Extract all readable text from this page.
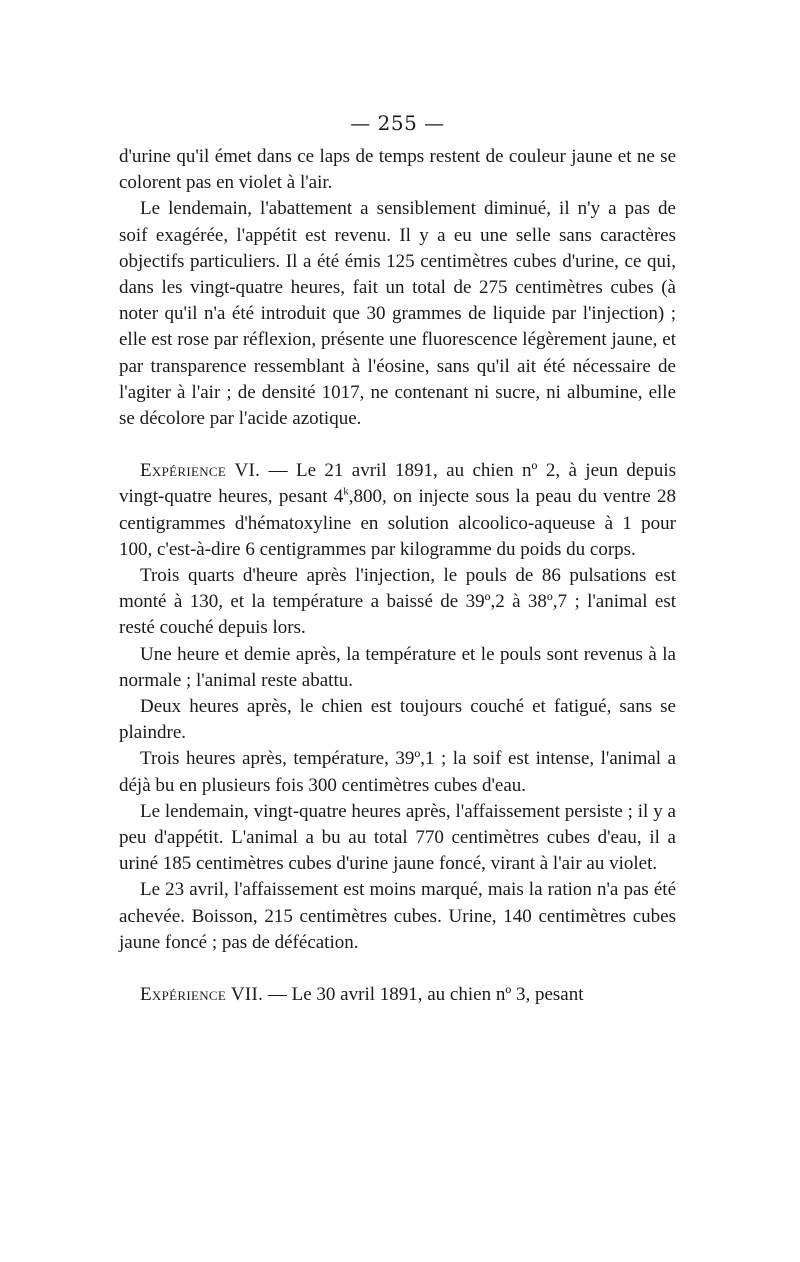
— 255 —

d'urine qu'il émet dans ce laps de temps restent de couleur jaune et ne se colorent pas en violet à l'air.

Le lendemain, l'abattement a sensiblement diminué, il n'y a pas de soif exagérée, l'appétit est revenu. Il y a eu une selle sans caractères objectifs particuliers. Il a été émis 125 centimètres cubes d'urine, ce qui, dans les vingt-quatre heures, fait un total de 275 centimètres cubes (à noter qu'il n'a été introduit que 30 grammes de liquide par l'injection) ; elle est rose par réflexion, présente une fluorescence légèrement jaune, et par transparence ressemblant à l'éosine, sans qu'il ait été nécessaire de l'agiter à l'air ; de densité 1017, ne contenant ni sucre, ni albumine, elle se décolore par l'acide azotique.

Expérience VI. — Le 21 avril 1891, au chien nº 2, à jeun depuis vingt-quatre heures, pesant 4$^k$,800, on injecte sous la peau du ventre 28 centigrammes d'hématoxyline en solution alcoolico-aqueuse à 1 pour 100, c'est-à-dire 6 centigrammes par kilogramme du poids du corps.

Trois quarts d'heure après l'injection, le pouls de 86 pulsations est monté à 130, et la température a baissé de 39º,2 à 38º,7 ; l'animal est resté couché depuis lors.

Une heure et demie après, la température et le pouls sont revenus à la normale ; l'animal reste abattu.

Deux heures après, le chien est toujours couché et fatigué, sans se plaindre.

Trois heures après, température, 39º,1 ; la soif est intense, l'animal a déjà bu en plusieurs fois 300 centimètres cubes d'eau.

Le lendemain, vingt-quatre heures après, l'affaissement persiste ; il y a peu d'appétit. L'animal a bu au total 770 centimètres cubes d'eau, il a uriné 185 centimètres cubes d'urine jaune foncé, virant à l'air au violet.

Le 23 avril, l'affaissement est moins marqué, mais la ration n'a pas été achevée. Boisson, 215 centimètres cubes. Urine, 140 centimètres cubes jaune foncé ; pas de défécation.

Expérience VII. — Le 30 avril 1891, au chien nº 3, pesant
